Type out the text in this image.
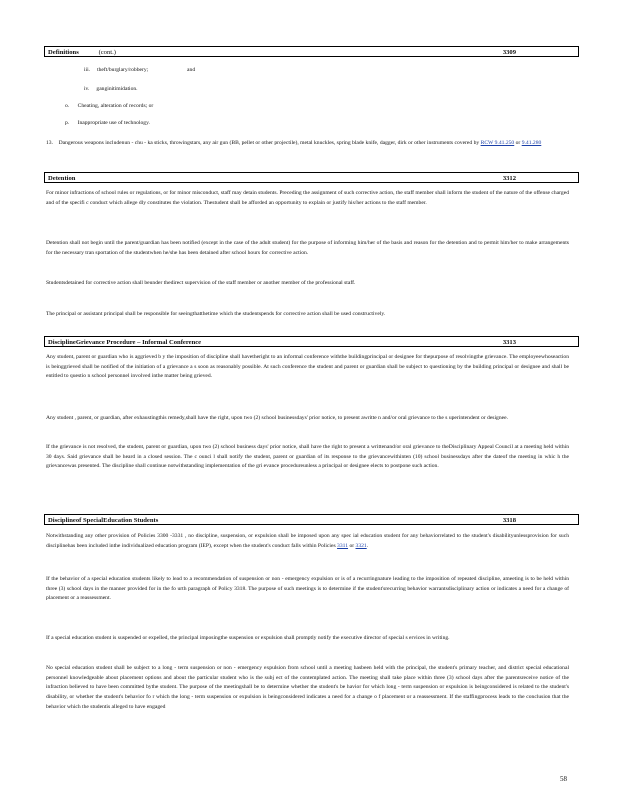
Definitions	(cont.)	3309
iii. theft/burglary/robbery;	and
iv. ganginitimidation.
o. Cheating, alteration of records; or
p. Inappropriate use of technology.
13. Dangerous weapons includenun - chu - ka sticks, throwingstars, any air gun (BB, pellet or other projectile), metal knuckles, spring blade knife, dagger, dirk or other instruments covered by RCW 9.41.250 or 9.41.280
Detention	3312

For minor infractions of school rules or regulations, or for minor misconduct, staff may detain students. Preceding the assignment of such corrective action, the staff member shall inform the student of the nature of the offense charged and of the specifi c conduct which allege dly constitutes the violation. Thestudent shall be afforded an opportunity to explain or justify his/her actions to the staff member.

Detention shall not begin until the parent/guardian has been notified (except in the case of the adult student) for the purpose of informing him/her of the basis and reason for the detention and to permit him/her to make arrangements for the necessary tran sportation of the studentwhen he/she has been detained after school hours for corrective action.

Studentsdetained for corrective action shall beunder thedirect supervision of the staff member or another member of the professional staff.

The principal or assistant principal shall be responsible for seeingthatthetime which the studentspends for corrective action shall be used constructively.

DisciplineGrievance Procedure – Informal Conference	3313

Any student, parent or guardian who is aggrieved b y the imposition of discipline shall havetheright to an informal conference withthe buildingprincipal or designee for thepurpose of resolvingthe grievance. The employeewhoseaction is beinggrieved shall be notified of the initiation of a grievance a s soon as reasonably possible. At such conference the student and parent or guardian shall be subject to questioning by the building principal or designee and shall be entitled to questio n school personnel involved inthe matter being grieved.

Any student , parent, or guardian, after exhaustingthis remedy,shall have the right, upon two (2) school businessdays' prior notice, to present awritte n and/or oral grievance to the s uperintendent or designee.

If the grievance is not resolved, the student, parent or guardian, upon two (2) school business days' prior notice, shall have the right to present a writtenand/or oral grievance to theDisciplinary Appeal Council at a meeting held within 30 days. Said grievance shall be heard in a closed session. The c ounci l shall notify the student, parent or guardian of its response to the grievancewithinten (10) school businessdays after the dateof the meeting in whic h the grievancewas presented. The discipline shall continue notwithstanding implementation of the gri evance procedureunless a principal or designee elects to postpone such action.

Disciplineof SpecialEducation Students	3318

Notwithstanding any other provision of Policies 3300 -3331 , no discipline, suspension, or expulsion shall be imposed upon any spec ial education student for any behaviorrelated to the student's disabilityunlessprovision for such disciplinehas been included inthe individualized education program (IEP), except when the student's conduct falls within Policies 3311 or 3321.

If the behavior of a special education students likely to lead to a recommendation of suspension or non - emergency expulsion or is of a recurringnature leading to the imposition of repeated discipline, ameeting is to be held within three (3) school days in the manner provided for in the fo urth paragraph of Policy 3318. The purpose of such meetings is to determine if the student'srecurring behavior warrantsdisciplinary action or indicates a need for a change of placement or a reassessment.

If a special education student is suspended or expelled, the principal imposingthe suspension or expulsion shall promptly notify the executive director of special s ervices in writing.

No special education student shall be subject to a long - term suspension or non - emergency expulsion from school until a meeting hasbeen held with the principal, the student's primary teacher, and district special educational personnel knowledgeable about placement options and about the particular student who is the subj ect of the contemplated action. The meeting shall take place within three (3) school days after the parentsreceive notice of the infraction believed to have been committed bythe student. The purpose of the meetingshall be to determine whether the student's be havior for which long - term suspension or expulsion is beingconsidered is related to the student's disability, or whether the student's behavior fo r which the long - term suspension or expulsion is beingconsidered indicates a need for a change o f placement or a reassessment. If the staffingprocess leads to the conclusion that the behavior which the studentis alleged to have engaged

58
